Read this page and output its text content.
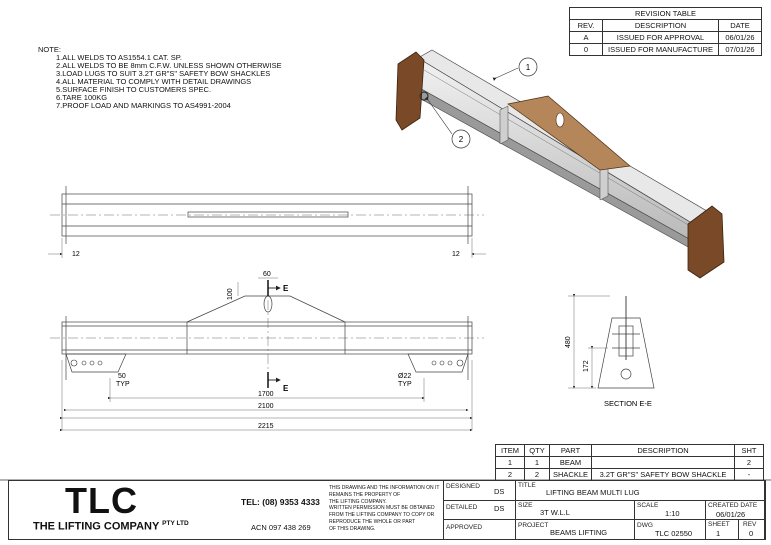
REVISION TABLE		
REV.	DESCRIPTION	DATE
A	ISSUED FOR APPROVAL	06/01/26
0	ISSUED FOR MANUFACTURE	07/01/26
NOTE:
1.ALL WELDS TO AS1554.1 CAT. SP.
2.ALL WELDS TO BE 8mm C.F.W. UNLESS SHOWN OTHERWISE
3.LOAD LUGS TO SUIT 3.2T GR"S" SAFETY BOW SHACKLES
4.ALL MATERIAL TO COMPLY WITH DETAIL DRAWINGS
5.SURFACE FINISH TO CUSTOMERS SPEC.
6.TARE 100KG
7.PROOF LOAD AND MARKINGS TO AS4991-2004
1
2
12	12
E
E
60
100
50
TYP
Ø22
TYP
1700
2100
2215
480
172
SECTION E-E
ITEM	QTY	PART	DESCRIPTION	SHT
1	1	BEAM		2
2	2	SHACKLE	3.2T GR"S" SAFETY BOW SHACKLE	-
TLC
THE LIFTING COMPANY $^{PTY LTD}$
TEL: (08) 9353 4333
ACN 097 438 269
THIS DRAWING AND THE INFORMATION ON IT
REMAINS THE PROPERTY OF
THE LIFTING COMPANY.
WRITTEN PERMISSION MUST BE OBTAINED
FROM THE LIFTING COMPANY TO COPY OR
REPRODUCE THE WHOLE OR PART
OF THIS DRAWING.
DESIGNED
DS
DETAILED DS
APPROVED
TITLE
LIFTING BEAM MULTI LUG
SIZE
3T W.L.L
SCALE
1:10
CREATED DATE
06/01/26
PROJECT
BEAMS LIFTING
DWG
TLC 02550
SHEET
1
REV
0
